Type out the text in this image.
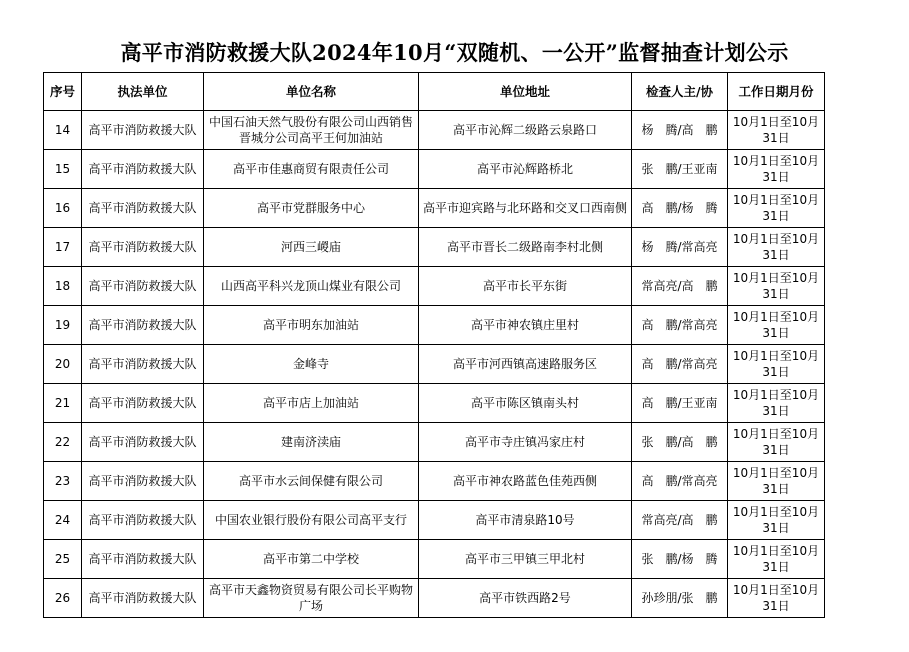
高平市消防救援大队2024年10月“双随机、一公开”监督抽查计划公示
序号	执法单位	单位名称	单位地址	检查人主/协	工作日期月份
14	高平市消防救援大队	中国石油天然气股份有限公司山西销售晋城分公司高平王何加油站	高平市沁辉二级路云泉路口	杨　腾/高　鹏	10月1日至10月31日
15	高平市消防救援大队	高平市佳惠商贸有限责任公司	高平市沁辉路桥北	张　鹏/王亚南	10月1日至10月31日
16	高平市消防救援大队	高平市党群服务中心	高平市迎宾路与北环路和交叉口西南侧	高　鹏/杨　腾	10月1日至10月31日
17	高平市消防救援大队	河西三嵕庙	高平市晋长二级路南李村北侧	杨　腾/常高亮	10月1日至10月31日
18	高平市消防救援大队	山西高平科兴龙顶山煤业有限公司	高平市长平东街	常高亮/高　鹏	10月1日至10月31日
19	高平市消防救援大队	高平市明东加油站	高平市神农镇庄里村	高　鹏/常高亮	10月1日至10月31日
20	高平市消防救援大队	金峰寺	高平市河西镇高速路服务区	高　鹏/常高亮	10月1日至10月31日
21	高平市消防救援大队	高平市店上加油站	高平市陈区镇南头村	高　鹏/王亚南	10月1日至10月31日
22	高平市消防救援大队	建南济渎庙	高平市寺庄镇冯家庄村	张　鹏/高　鹏	10月1日至10月31日
23	高平市消防救援大队	高平市水云间保健有限公司	高平市神农路蓝色佳苑西侧	高　鹏/常高亮	10月1日至10月31日
24	高平市消防救援大队	中国农业银行股份有限公司高平支行	高平市清泉路10号	常高亮/高　鹏	10月1日至10月31日
25	高平市消防救援大队	高平市第二中学校	高平市三甲镇三甲北村	张　鹏/杨　腾	10月1日至10月31日
26	高平市消防救援大队	高平市天鑫物资贸易有限公司长平购物广场	高平市铁西路2号	孙珍朋/张　鹏	10月1日至10月31日
